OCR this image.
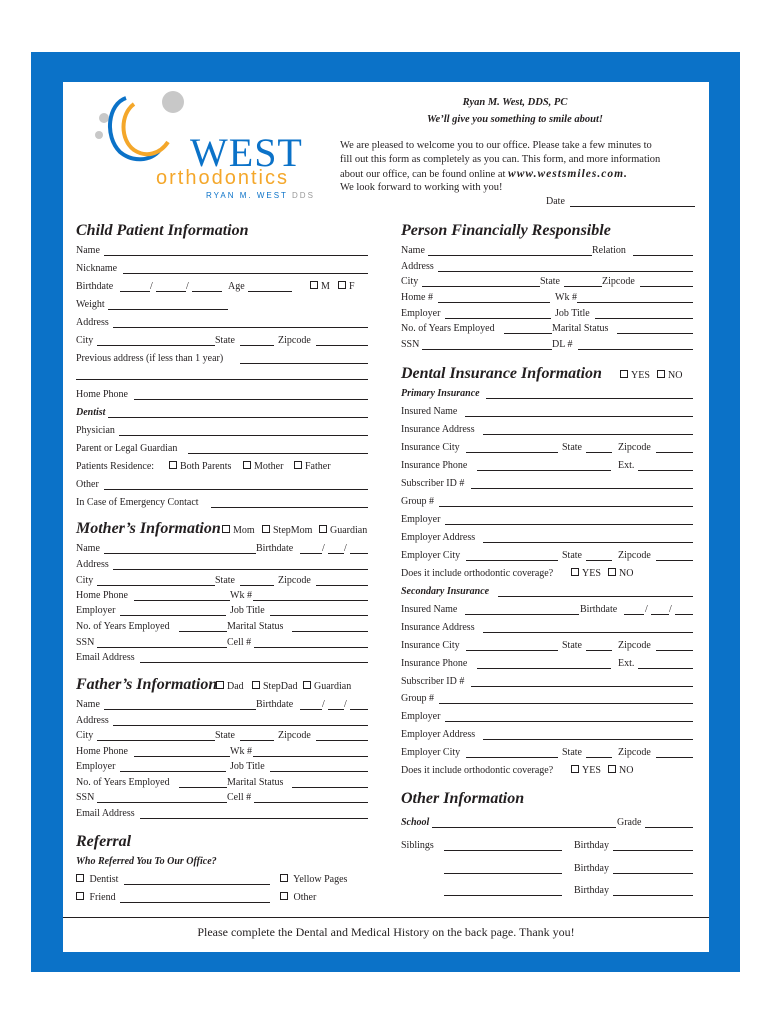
WEST
orthodontics
RYAN M. WEST DDS
Ryan M. West, DDS, PC
We’ll give you something to smile about!
We are pleased to welcome you to our office. Please take a few minutes to
fill out this form as completely as you can. This form, and more information
about our office, can be found online at www.westsmiles.com.
We look forward to working with you!
Date
Child Patient Information
Name
Nickname
Birthdate	/	/	Age	M	F
Weight
Address
City	State	Zipcode
Previous address (if less than 1 year)
Home Phone
Dentist
Physician
Parent or Legal Guardian
Patients Residence:	Both Parents	Mother	Father
Other
In Case of Emergency Contact
Mother’s Information	Mom	StepMom	Guardian
Name	Birthdate	/ /
Address
City	State	Zipcode
Home Phone	Wk #
Employer	Job Title
No. of Years Employed	Marital Status
SSN	Cell #
Email Address
Father’s Information Dad	StepDad	Guardian
Name	Birthdate	/ /
Address
City	State	Zipcode
Home Phone	Wk #
Employer	Job Title
No. of Years Employed	Marital Status
SSN	Cell #
Email Address
Referral
Who Referred You To Our Office?
Dentist	Yellow Pages
Friend	Other
Person Financially Responsible
Name	Relation
Address
City	State	Zipcode
Home #	Wk #
Employer	Job Title
No. of Years Employed	Marital Status
SSN	DL #
Dental Insurance Information	YES	NO
Primary Insurance
Insured Name
Insurance Address
Insurance City	State	Zipcode
Insurance Phone	Ext.
Subscriber ID #
Group #
Employer
Employer Address
Employer City	State	Zipcode
Does it include orthodontic coverage?	YES	NO
Secondary Insurance
Insured Name	Birthdate	/ /
Insurance Address
Insurance City	State	Zipcode
Insurance Phone	Ext.
Subscriber ID #
Group #
Employer
Employer Address
Employer City	State	Zipcode
Does it include orthodontic coverage?	YES	NO
Other Information
School	Grade
Siblings	Birthday
Birthday
Birthday
Please complete the Dental and Medical History on the back page. Thank you!
